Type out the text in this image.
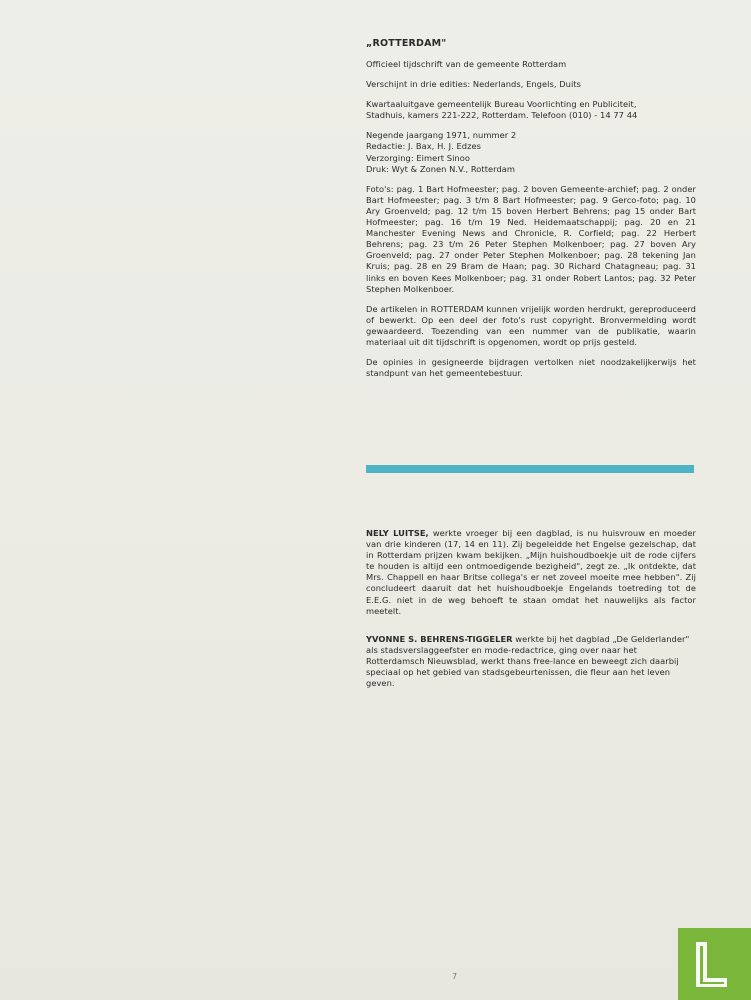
„ROTTERDAM"

Officieel tijdschrift van de gemeente Rotterdam

Verschijnt in drie edities: Nederlands, Engels, Duits

Kwartaaluitgave gemeentelijk Bureau Voorlichting en Publiciteit,

Stadhuis, kamers 221-222, Rotterdam. Telefoon (010) - 14 77 44

Negende jaargang 1971, nummer 2

Redactie: J. Bax, H. J. Edzes

Verzorging: Eimert Sinoo

Druk: Wyt & Zonen N.V., Rotterdam

Foto's: pag. 1 Bart Hofmeester; pag. 2 boven Gemeente-archief; pag. 2 onder Bart Hofmeester; pag. 3 t/m 8 Bart Hofmeester; pag. 9 Gerco-foto; pag. 10 Ary Groenveld; pag. 12 t/m 15 boven Herbert Behrens; pag 15 onder Bart Hofmeester; pag. 16 t/m 19 Ned. Heidemaatschappij; pag. 20 en 21 Manchester Evening News and Chronicle, R. Corfield; pag. 22 Herbert Behrens; pag. 23 t/m 26 Peter Stephen Molkenboer; pag. 27 boven Ary Groenveld; pag. 27 onder Peter Stephen Molkenboer; pag. 28 tekening Jan Kruis; pag. 28 en 29 Bram de Haan; pag. 30 Richard Chatagneau; pag. 31 links en boven Kees Molkenboer; pag. 31 onder Robert Lantos; pag. 32 Peter Stephen Molkenboer.

De artikelen in ROTTERDAM kunnen vrijelijk worden herdrukt, gereproduceerd of bewerkt. Op een deel der foto's rust copyright. Bronvermelding wordt gewaardeerd. Toezending van een nummer van de publikatie, waarin materiaal uit dit tijdschrift is opgenomen, wordt op prijs gesteld.

De opinies in gesigneerde bijdragen vertolken niet noodzakelijkerwijs het standpunt van het gemeentebestuur.

NELY LUITSE, werkte vroeger bij een dagblad, is nu huisvrouw en moeder van drie kinderen (17, 14 en 11). Zij begeleidde het Engelse gezelschap, dat in Rotterdam prijzen kwam bekijken. „Mijn huishoudboekje uit de rode cijfers te houden is altijd een ontmoedigende bezigheid", zegt ze. „Ik ontdekte, dat Mrs. Chappell en haar Britse collega's er net zoveel moeite mee hebben". Zij concludeert daaruit dat het huishoudboekje Engelands toetreding tot de E.E.G. niet in de weg behoeft te staan omdat het nauwelijks als factor meetelt.

YVONNE S. BEHRENS-TIGGELER werkte bij het dagblad „De Gelderlander" als stadsverslaggeefster en mode-redactrice, ging over naar het Rotterdamsch Nieuwsblad, werkt thans free-lance en beweegt zich daarbij speciaal op het gebied van stadsgebeurtenissen, die fleur aan het leven geven.

7
